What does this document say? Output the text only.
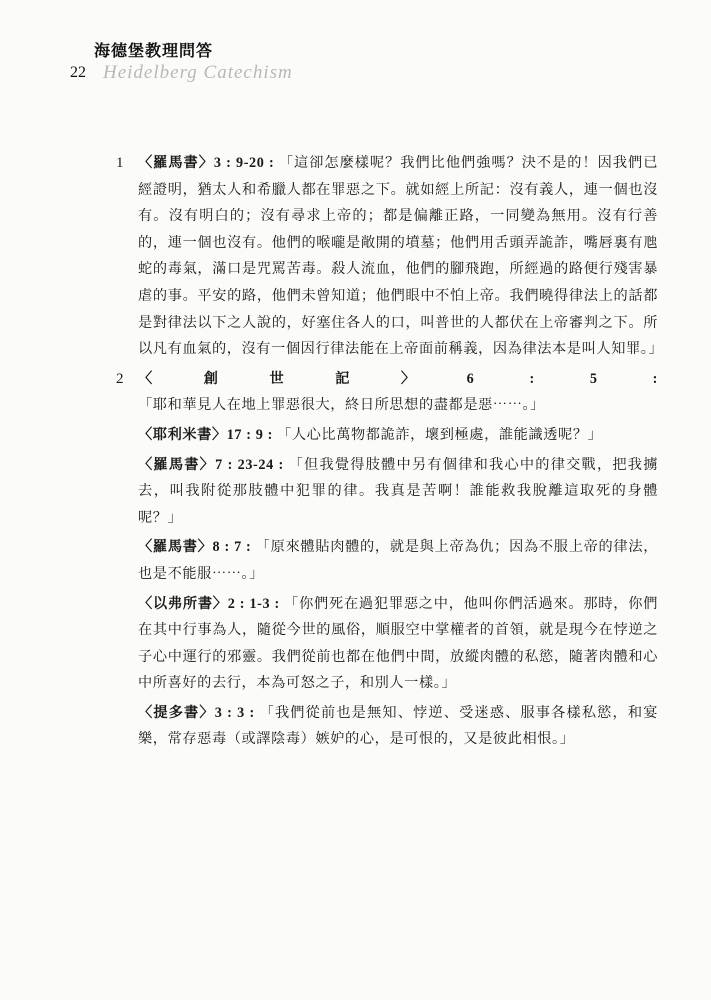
海德堡教理問答
22 Heidelberg Catechism
1 〈羅馬書〉3 : 9-20 : 「這卻怎麼樣呢？我們比他們強嗎？決不是的！因我們已經證明，猶太人和希臘人都在罪惡之下。就如經上所記：沒有義人，連一個也沒有。沒有明白的；沒有尋求上帝的；都是偏離正路，一同變為無用。沒有行善的，連一個也沒有。他們的喉嚨是敞開的墳墓；他們用舌頭弄詭詐，嘴唇裏有虺蛇的毒氣，滿口是咒罵苦毒。殺人流血，他們的腳飛跑，所經過的路便行殘害暴虐的事。平安的路，他們未曾知道；他們眼中不怕上帝。我們曉得律法上的話都是對律法以下之人說的，好塞住各人的口，叫普世的人都伏在上帝審判之下。所以凡有血氣的，沒有一個因行律法能在上帝面前稱義，因為律法本是叫人知罪。」

2 〈創世記〉6 : 5 : 「耶和華見人在地上罪惡很大，終日所思想的盡都是惡⋯⋯。」

〈耶利米書〉17 : 9 : 「人心比萬物都詭詐，壞到極處，誰能識透呢？」

〈羅馬書〉7 : 23-24 : 「但我覺得肢體中另有個律和我心中的律交戰，把我擄去，叫我附從那肢體中犯罪的律。我真是苦啊！誰能救我脫離這取死的身體呢？」

〈羅馬書〉8 : 7 : 「原來體貼肉體的，就是與上帝為仇；因為不服上帝的律法，也是不能服⋯⋯。」

〈以弗所書〉2 : 1-3 : 「你們死在過犯罪惡之中，他叫你們活過來。那時，你們在其中行事為人，隨從今世的風俗，順服空中掌權者的首領，就是現今在悖逆之子心中運行的邪靈。我們從前也都在他們中間，放縱肉體的私慾，隨著肉體和心中所喜好的去行，本為可怒之子，和別人一樣。」

〈提多書〉3 : 3 : 「我們從前也是無知、悖逆、受迷惑、服事各樣私慾，和宴樂，常存惡毒（或譯陰毒）嫉妒的心，是可恨的，又是彼此相恨。」
